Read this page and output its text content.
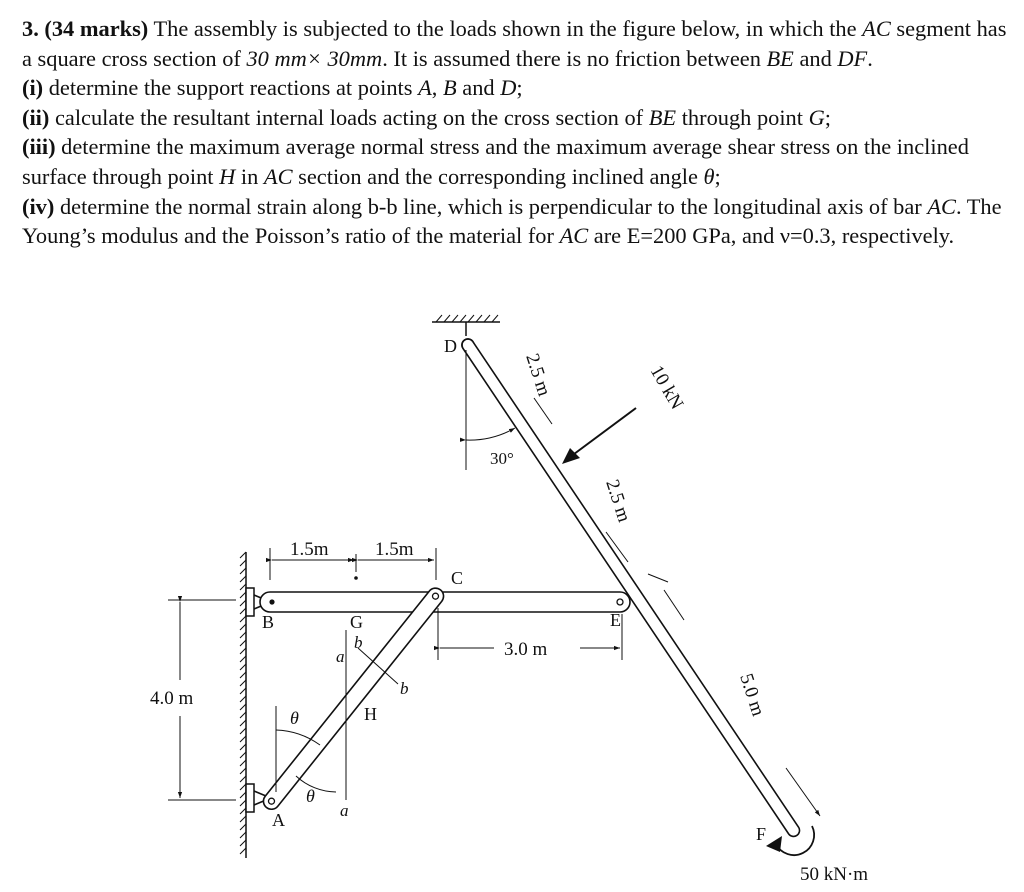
3. (34 marks) The assembly is subjected to the loads shown in the figure below, in which the AC segment has a square cross section of 30 mm× 30mm. It is assumed there is no friction between BE and DF.

(i) determine the support reactions at points A, B and D;

(ii) calculate the resultant internal loads acting on the cross section of BE through point G;

(iii) determine the maximum average normal stress and the maximum average shear stress on the inclined surface through point H in AC section and the corresponding inclined angle θ;

(iv) determine the normal strain along b-b line, which is perpendicular to the longitudinal axis of bar AC. The Young’s modulus and the Poisson’s ratio of the material for AC are E=200 GPa, and ν=0.3, respectively.

D
C
B	G	E
H
A
F
a
a
b
b
θ
θ
1.5m 1.5m
3.0 m
4.0 m
30°
2.5 m
2.5 m
5.0 m
10 kN
50 kN·m
